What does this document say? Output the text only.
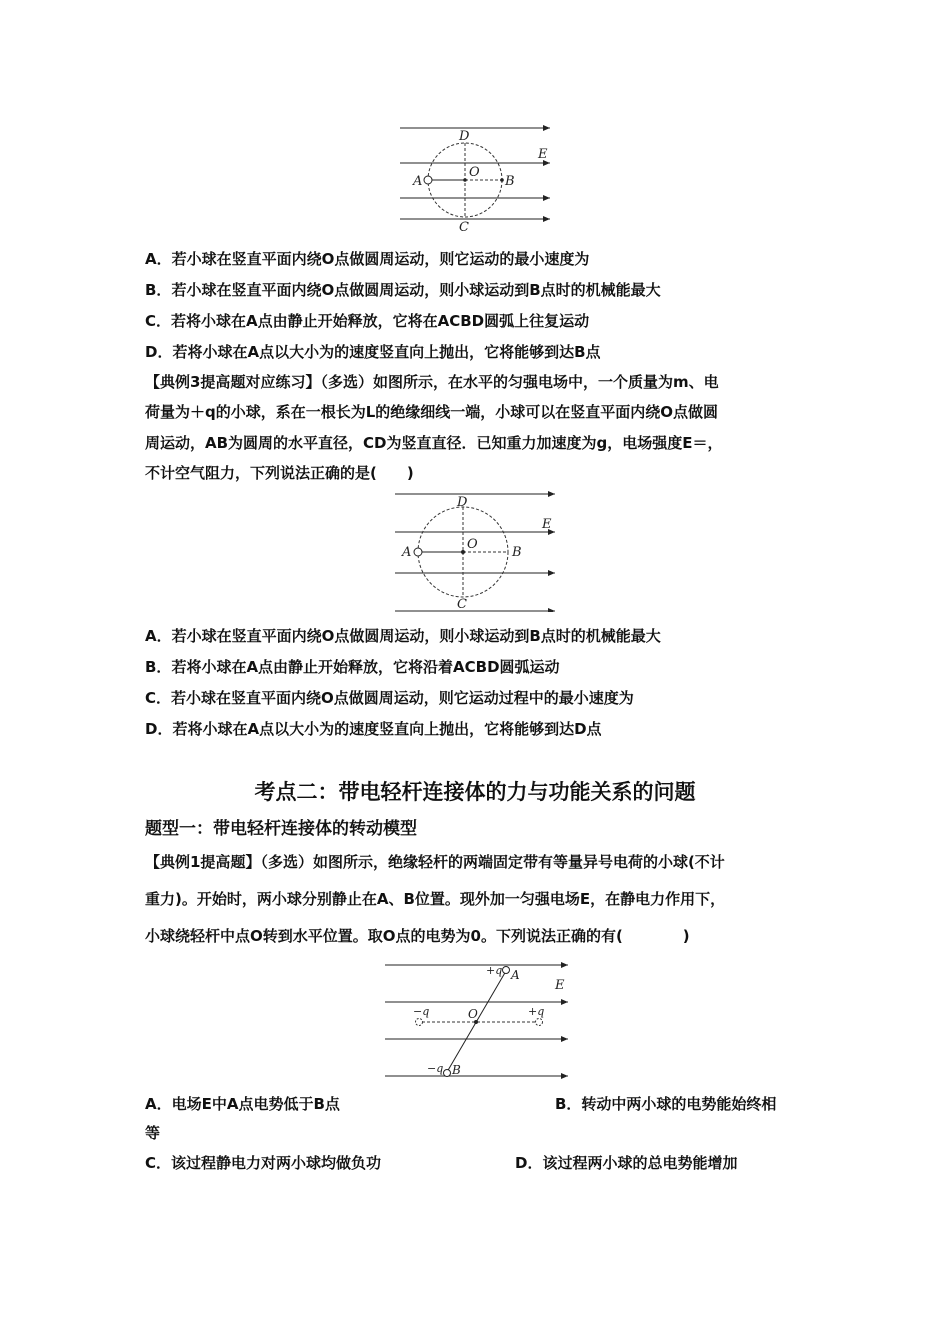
D
E
A
O
B
C
A．若小球在竖直平面内绕O点做圆周运动，则它运动的最小速度为
B．若小球在竖直平面内绕O点做圆周运动，则小球运动到B点时的机械能最大
C．若将小球在A点由静止开始释放，它将在ACBD圆弧上往复运动
D．若将小球在A点以大小为的速度竖直向上抛出，它将能够到达B点
【典例3提高题对应练习】（多选）如图所示，在水平的匀强电场中，一个质量为m、电
荷量为＋q的小球，系在一根长为L的绝缘细线一端，小球可以在竖直平面内绕O点做圆
周运动，AB为圆周的水平直径，CD为竖直直径．已知重力加速度为g，电场强度E＝，
不计空气阻力，下列说法正确的是(　　)
D
E
A
O
B
C
A．若小球在竖直平面内绕O点做圆周运动，则小球运动到B点时的机械能最大
B．若将小球在A点由静止开始释放，它将沿着ACBD圆弧运动
C．若小球在竖直平面内绕O点做圆周运动，则它运动过程中的最小速度为
D．若将小球在A点以大小为的速度竖直向上抛出，它将能够到达D点
考点二：带电轻杆连接体的力与功能关系的问题
题型一：带电轻杆连接体的转动模型
【典例1提高题】（多选）如图所示，绝缘轻杆的两端固定带有等量异号电荷的小球(不计
重力)。开始时，两小球分别静止在A、B位置。现外加一匀强电场E，在静电力作用下，
小球绕轻杆中点O转到水平位置。取O点的电势为0。下列说法正确的有(　　　　)
+q A
E
−q	O	+q
−q B
A．电场E中A点电势低于B点	B．转动中两小球的电势能始终相
等
C．该过程静电力对两小球均做负功	D．该过程两小球的总电势能增加
